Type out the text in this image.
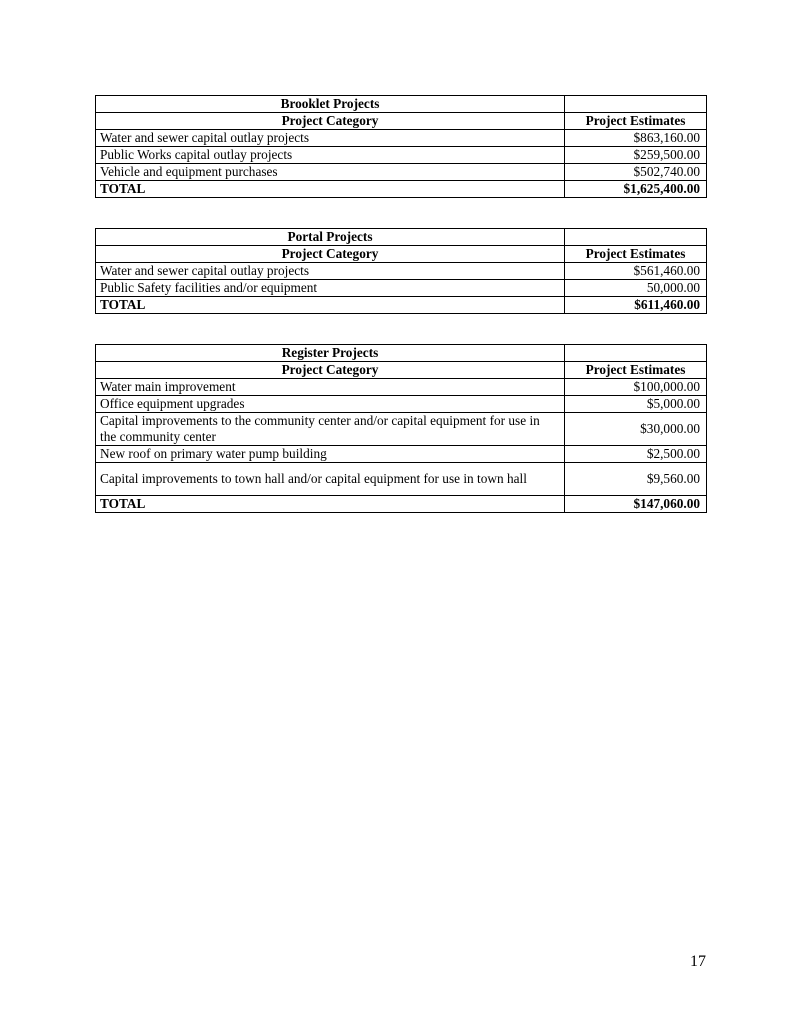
Brooklet Projects	
Project Category	Project Estimates
Water and sewer capital outlay projects	$863,160.00
Public Works capital outlay projects	$259,500.00
Vehicle and equipment purchases	$502,740.00
TOTAL	$1,625,400.00
Portal Projects	
Project Category	Project Estimates
Water and sewer capital outlay projects	$561,460.00
Public Safety facilities and/or equipment	50,000.00
TOTAL	$611,460.00
Register Projects	
Project Category	Project Estimates
Water main improvement	$100,000.00
Office equipment upgrades	$5,000.00
Capital improvements to the community center and/or capital equipment for use in the community center	$30,000.00
New roof on primary water pump building	$2,500.00
Capital improvements to town hall and/or capital equipment for use in town hall	$9,560.00
TOTAL	$147,060.00
17
